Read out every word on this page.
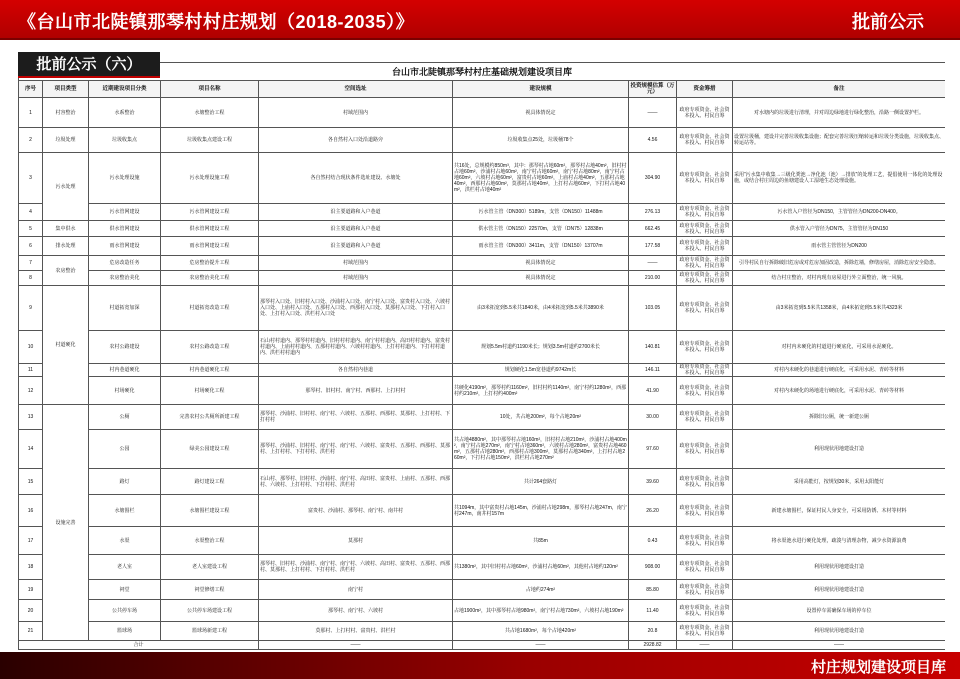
《台山市北陡镇那琴村村庄规划（2018-2035）》	批前公示
批前公示（六）	台山市北陡镇那琴村村庄基础规划建设项目库								
序号	项目类型	近期建设项目分类	项目名称	空间选址	建设规模	投资规模估算（万元）	资金筹措	备注
1	村容整治	水系整治	水塘整治工程	村域范围内	视具体情况定	——	政府专项资金、社会资本投入、村民自筹	对水塘内的垃圾进行清理，并对周边绿地进行绿化整治，沿路一侧设置护栏。
2	垃圾处理	垃圾收集点	垃圾收集点建设工程	各自然村入口处沿道路旁	垃圾收集点25处，垃圾桶78个	4.56	政府专项资金、社会资本投入、村民自筹	设置垃圾桶，建设并完善垃圾收集设施；配套完善垃圾压缩转运和垃圾分类设施，垃圾收集点、转运站等。
3	污水处理	污水处理设施	污水处理设施工程	各自然村结合现状条件选址建设、水塘处	共16处，总规模约850m³，其中：那琴村占地60m²，那琴村占地40m²，旧村村占地60m²，沙浦村占地60m²，南宁村占地60m²，南宁村占地80m²，南宁村占地60m²，六坡村占地60m²，富贵村占地60m²，上庙村占地40m²，五那村占地40m²，西那村占地60m²，莫那村占地40m²，上打村占地60m²，下打村占地40m²，洪栏村占地40m²	304.90	政府专项资金、社会资本投入、村民自筹	采用“污水集中收集→三级化粪池→净化池（池）→排放”的处理工艺，提倡使用一体化的处理设施，或结合村庄周边的鱼塘建设人工湿地生态处理设施。
4		污水管网建设	污水管网建设工程	沿主要道路和入户巷道	污水管主管（DN300）5189m，支管（DN150）11488m	276.13	政府专项资金、社会资本投入、村民自筹	污水管入户管径为DN150，主管管径为DN200-DN400。
5	集中供水	供水管网建设	供水管网建设工程	沿主要道路和入户巷道	供水管主管（DN150）22570m，支管（DN75）12838m	662.45	政府专项资金、社会资本投入、村民自筹	供水管入户管径为DN75，主管管径为DN150
6	排水处理	雨水管网建设	雨水管网建设工程	沿主要道路和入户巷道	雨水管主管（DN300）3411m，支管（DN150）13707m	177.58	政府专项资金、社会资本投入、村民自筹	雨水管主管管径为DN200
7	农房整治	危房改造任务	危房整治提升工程	村域范围内	视具体情况定	——	政府专项资金、社会资本投入、村民自筹	引导村民自行拆除破旧危房或对危房加固改造，拆除危墙，修缮房屋，消除危房安全隐患。
8		农房整治美化	农房整治美化工程	村域范围内	视具体情况定	210.00	政府专项资金、社会资本投入、村民自筹	结合村庄整治，对村内现有房屋进行外立面整治，统一风貌。
9	村道硬化	村道拓宽加深	村道拓宽改造工程	那琴村入口处、旧村村入口处、沙浦村入口处、南宁村入口处、富贵村入口处、六坡村入口处、上庙村入口处、五那村入口处、西那村入口处、莫那村入口处、下打村入口处、上打村入口处、洪栏村入口处	由3米拓宽到5.5米共1840米，由4米拓宽到5.5米共3890米	103.05	政府专项资金、社会资本投入、村民自筹	由3米拓宽到5.5米共1358米，由4米拓宽到5.5米共4323米
10		农村公路建设	农村公路改造工程	石山村村道内、那琴村村道内、旧村村村道内、南宁村村道内、高田村村道内、富贵村村道内、上庙村村道内、五那村村道内、六坡村村道内、上打村村道内、下打村村道内、洪栏村村道内	规划5.5m村道约1190米长；规划3.5m村道约2700米长	140.81	政府专项资金、社会资本投入、村民自筹	对村内未硬化的村道进行硬底化，可采用水泥硬化。
11		村内巷道硬化	村内巷道硬化工程	各自然村内巷道	规划硬化1.5m宽巷道约9742m长	146.11	政府专项资金、社会资本投入、村民自筹	对村内未硬化的巷道进行硬底化，可采用水泥、青砖等材料
12		村场硬化	村场硬化工程	那琴村、旧村村、南宁村、西那村、上打村村	共硬化4190m²，那琴村约1160m²，旧村村约1140m²，南宁村约1280m²，西那村约210m²，上打村约400m²	41.90	政府专项资金、社会资本投入、村民自筹	对村内未硬化的场地进行硬底化，可采用水泥、青砖等材料
13	设施完善	公厕	完善农村公共厕所新建工程	那琴村、沙浦村、旧村村、南宁村、六坡村、五那村、西那村、莫那村、上打村村、下打村村	10处，共占地200m²，每个占地20m²	30.00	政府专项资金、社会资本投入、村民自筹	拆除旧公厕，统一新建公厕
14		公园	绿美公园建设工程	那琴村、沙浦村、旧村村、南宁村、南宁村、六坡村、富贵村、五那村、西那村、莫那村、上打村村、下打村村、洪栏村	共占地4880m²，其中那琴村占地160m²，旧村村占地210m²，沙浦村占地400m²，南宁村占地270m²，南宁村占地360m²，六坡村占地280m²，富贵村占地460m²，五那村占地280m²，西那村占地300m²，莫那村占地340m²，上打村占地260m²，下打村占地150m²，洪栏村占地270m²	97.60	政府专项资金、社会资本投入、村民自筹	利用现状用地建设打造
15		路灯	路灯建设工程	石山村、那琴村、旧村村、沙浦村、南宁村、高田村、富贵村、上庙村、五那村、西那村、六坡村、上打村村、下打村村、洪栏村	共计264套路灯	39.60	政府专项资金、社会资本投入、村民自筹	采用高能灯，按规划30米，采用太阳能灯
16		水塘围栏	水塘围栏建设工程	富贵村、沙浦村、那琴村、南宁村、南井村	共1094m，其中富贵村占地145m，沙浦村占地298m，那琴村占地247m，南宁村247m，南井村157m	26.20	政府专项资金、社会资本投入、村民自筹	新建水塘围栏，保证村民人身安全，可采用防锈、木材等材料
17		水渠	水渠整治工程	莫那村	共85m	0.43	政府专项资金、社会资本投入、村民自筹	将水渠池水进行硬化处理，疏浚与清理杂物，减少水资源浪费
18		老人室	老人室建设工程	那琴村、旧村村、沙浦村、南宁村、南宁村、六坡村、高田村、富贵村、五那村、西那村、莫那村、上打村村、下打村村、洪栏村	共1380m²，其中旧村村占地60m²，沙浦村占地60m²，其他村占地约120m²	908.00	政府专项资金、社会资本投入、村民自筹	利用现状用地建设打造
19		祠堂	祠堂修缮工程	南宁村	占地约274m²	85.80	政府专项资金、社会资本投入、村民自筹	利用现状用地建设打造
20		公共停车场	公共停车场建设工程	那琴村、南宁村、六坡村	占地1900m²，其中那琴村占地980m²，南宁村占地730m²，六坡村占地190m²	11.40	政府专项资金、社会资本投入、村民自筹	设置停车需确保车场的停车位
21		篮球场	篮球场新建工程	莫那村、上打村村、富贵村、洪栏村	共占地1680m²，每个占地420m²	20.8	政府专项资金、社会资本投入、村民自筹	利用现状用地建设打造
合计				——	——	2928.82	——	——
村庄规划建设项目库
